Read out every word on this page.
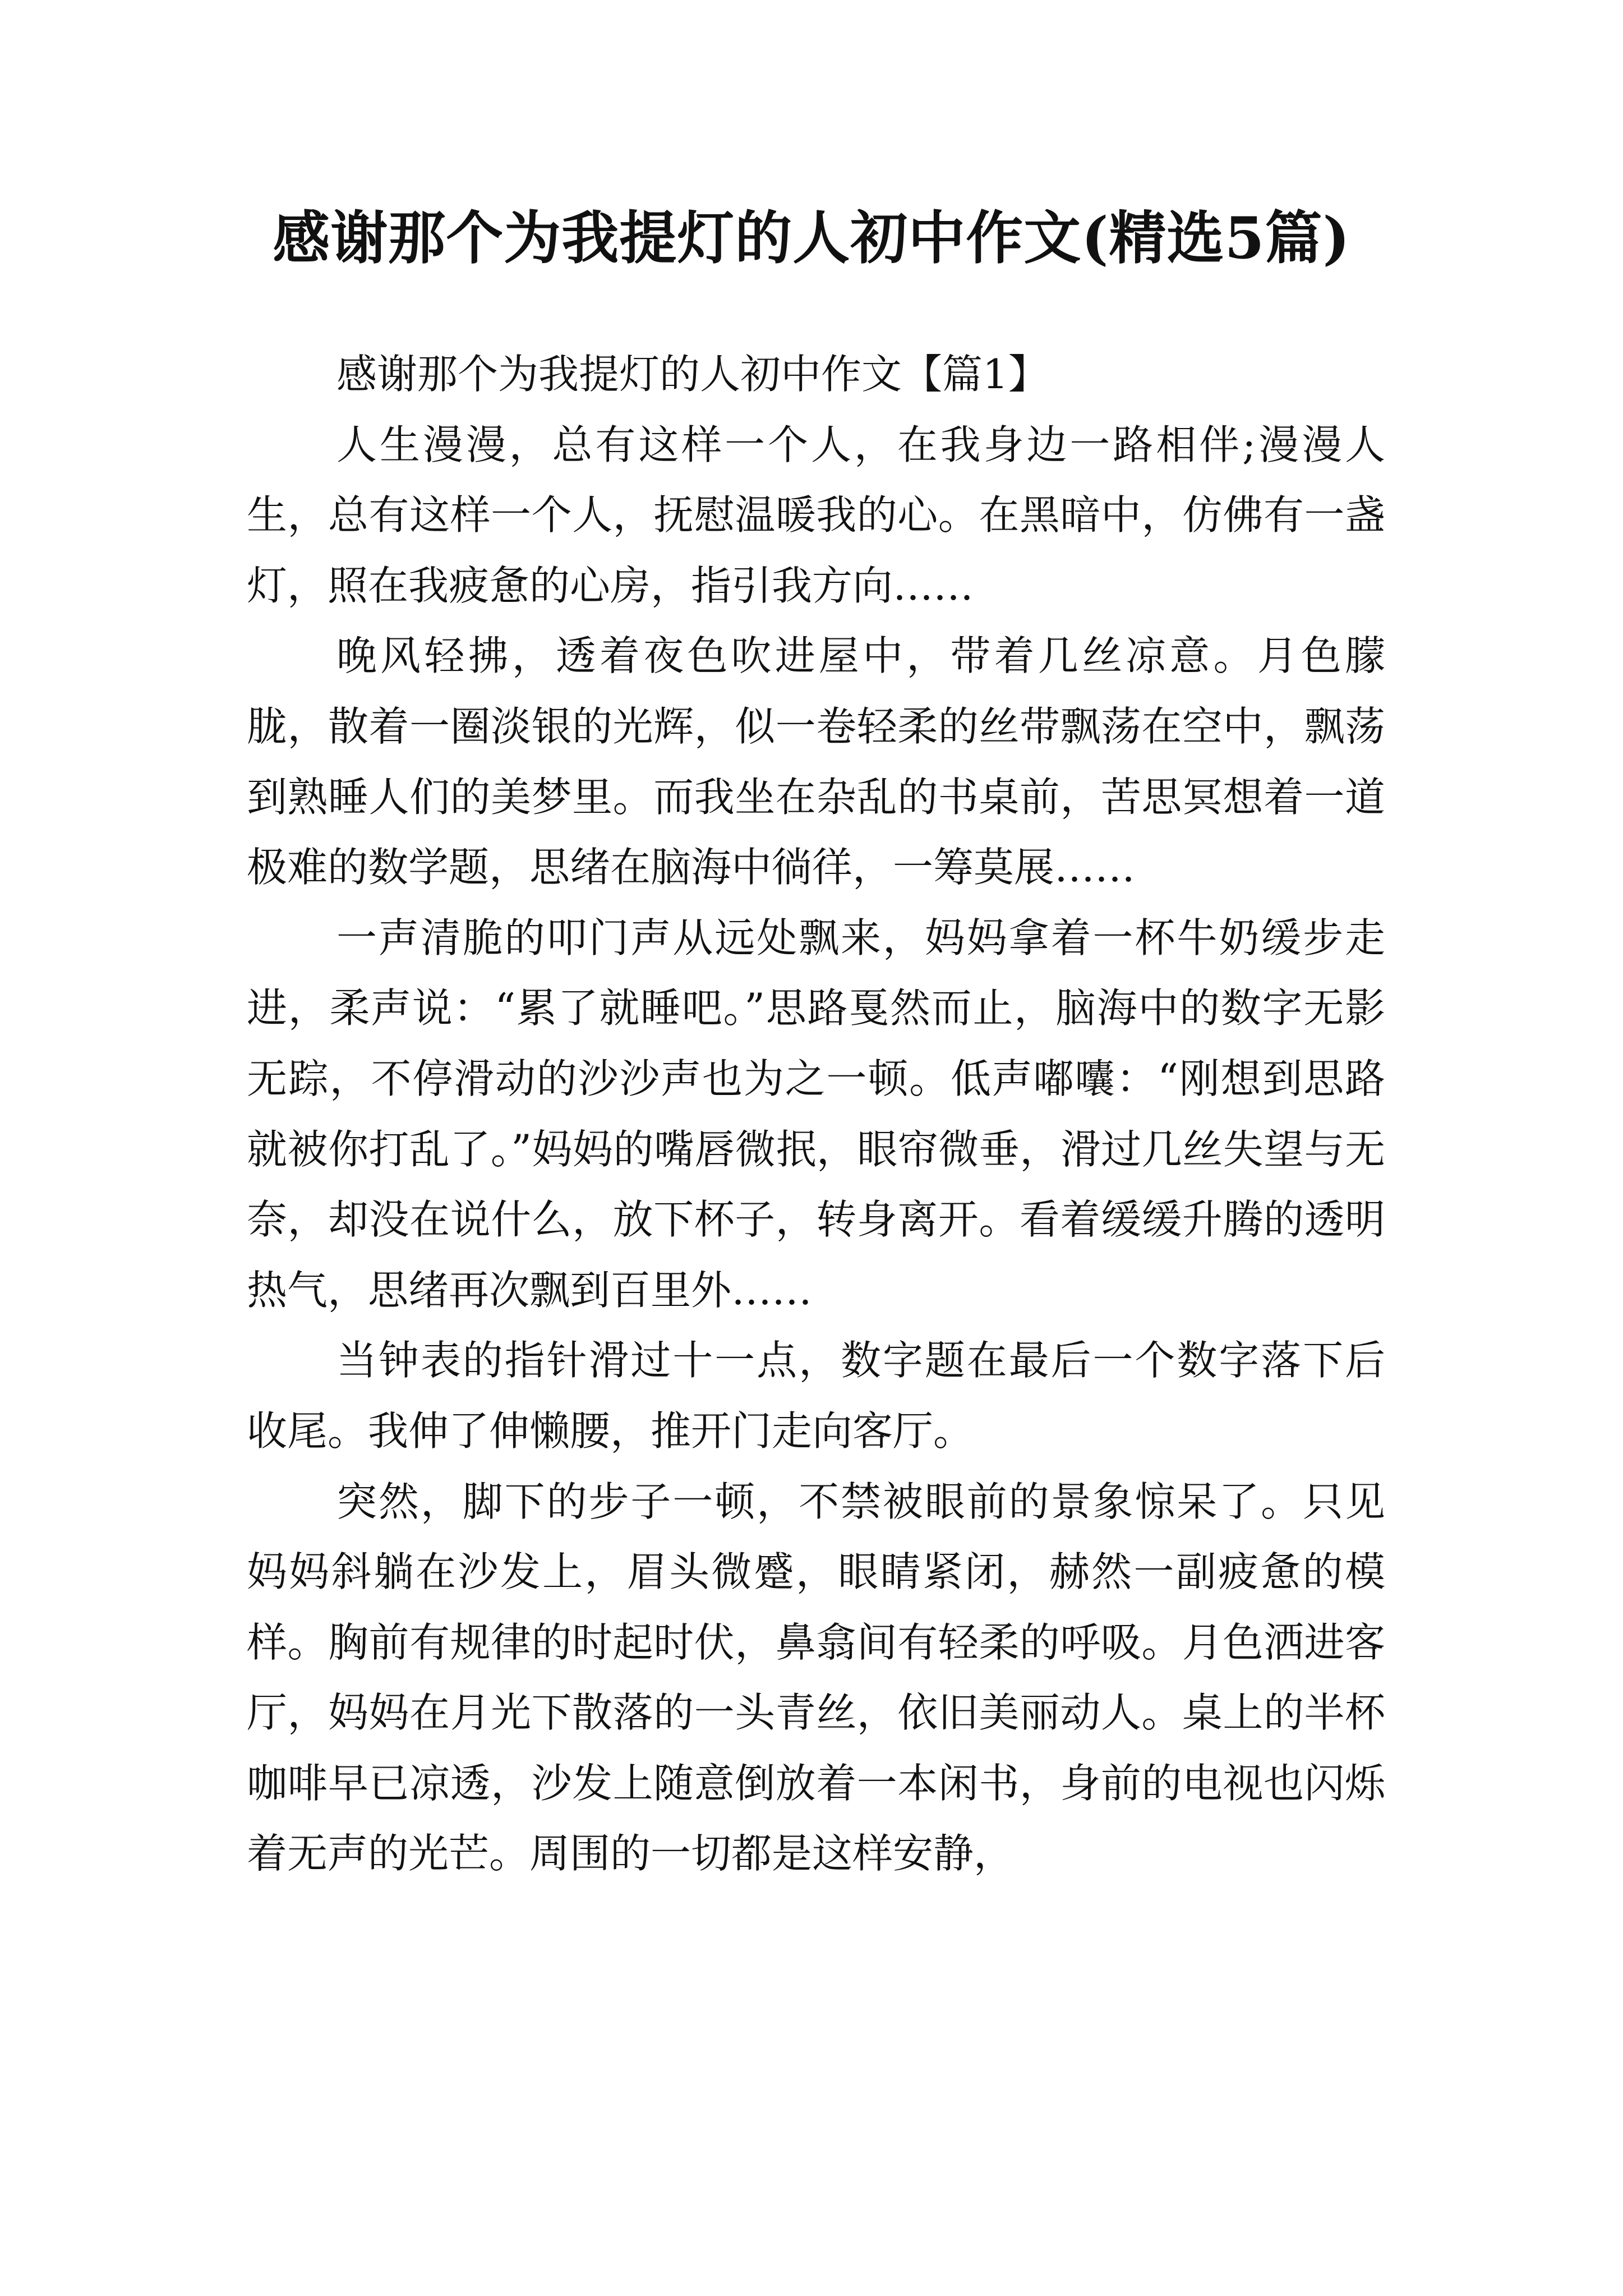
感谢那个为我提灯的人初中作文(精选5篇)

感谢那个为我提灯的人初中作文【篇1】

人生漫漫，总有这样一个人，在我身边一路相伴;漫漫人生，总有这样一个人，抚慰温暖我的心。在黑暗中，仿佛有一盏灯，照在我疲惫的心房，指引我方向……

晚风轻拂，透着夜色吹进屋中，带着几丝凉意。月色朦胧，散着一圈淡银的光辉，似一卷轻柔的丝带飘荡在空中，飘荡到熟睡人们的美梦里。而我坐在杂乱的书桌前，苦思冥想着一道极难的数学题，思绪在脑海中徜徉，一筹莫展……

一声清脆的叩门声从远处飘来，妈妈拿着一杯牛奶缓步走进，柔声说：“累了就睡吧。”思路戛然而止，脑海中的数字无影无踪，不停滑动的沙沙声也为之一顿。低声嘟囔：“刚想到思路就被你打乱了。”妈妈的嘴唇微抿，眼帘微垂，滑过几丝失望与无奈，却没在说什么，放下杯子，转身离开。看着缓缓升腾的透明热气，思绪再次飘到百里外……

当钟表的指针滑过十一点，数字题在最后一个数字落下后收尾。我伸了伸懒腰，推开门走向客厅。

突然，脚下的步子一顿，不禁被眼前的景象惊呆了。只见妈妈斜躺在沙发上，眉头微蹙，眼睛紧闭，赫然一副疲惫的模样。胸前有规律的时起时伏，鼻翕间有轻柔的呼吸。月色洒进客厅，妈妈在月光下散落的一头青丝，依旧美丽动人。桌上的半杯咖啡早已凉透，沙发上随意倒放着一本闲书，身前的电视也闪烁着无声的光芒。周围的一切都是这样安静，
